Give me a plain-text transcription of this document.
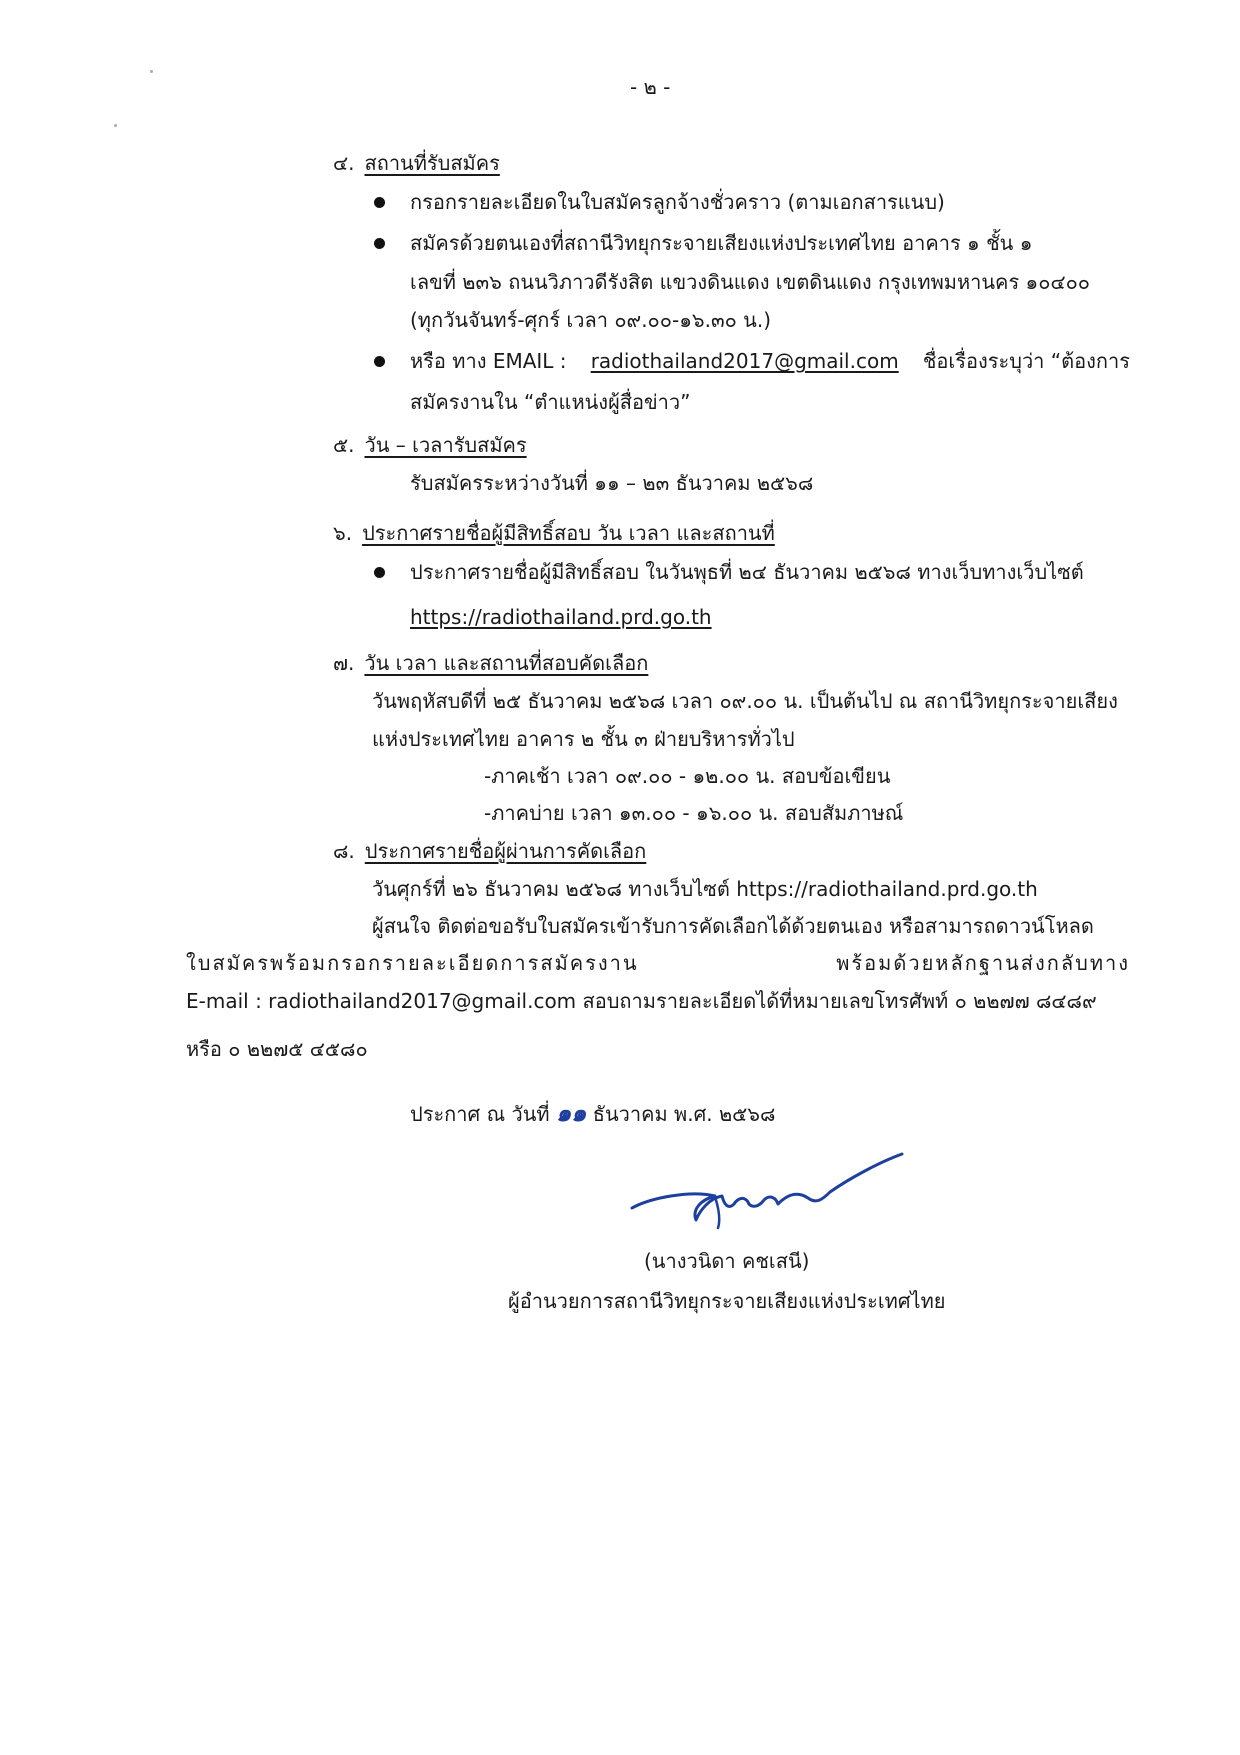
- ๒ -
๔. สถานที่รับสมัคร
กรอกรายละเอียดในใบสมัครลูกจ้างชั่วคราว (ตามเอกสารแนบ)
สมัครด้วยตนเองที่สถานีวิทยุกระจายเสียงแห่งประเทศไทย อาคาร ๑ ชั้น ๑
เลขที่ ๒๓๖ ถนนวิภาวดีรังสิต แขวงดินแดง เขตดินแดง กรุงเทพมหานคร ๑๐๔๐๐
(ทุกวันจันทร์-ศุกร์ เวลา ๐๙.๐๐-๑๖.๓๐ น.)
หรือ ทาง EMAIL : radiothailand2017@gmail.com ชื่อเรื่องระบุว่า “ต้องการ
สมัครงานใน “ตำแหน่งผู้สื่อข่าว”
๕. วัน – เวลารับสมัคร
รับสมัครระหว่างวันที่ ๑๑ – ๒๓ ธันวาคม ๒๕๖๘
๖. ประกาศรายชื่อผู้มีสิทธิ์สอบ วัน เวลา และสถานที่
ประกาศรายชื่อผู้มีสิทธิ์สอบ ในวันพุธที่ ๒๔ ธันวาคม ๒๕๖๘ ทางเว็บทางเว็บไซต์
https://radiothailand.prd.go.th
๗. วัน เวลา และสถานที่สอบคัดเลือก
วันพฤหัสบดีที่ ๒๕ ธันวาคม ๒๕๖๘ เวลา ๐๙.๐๐ น. เป็นต้นไป ณ สถานีวิทยุกระจายเสียง
แห่งประเทศไทย อาคาร ๒ ชั้น ๓ ฝ่ายบริหารทั่วไป
-ภาคเช้า เวลา ๐๙.๐๐ - ๑๒.๐๐ น. สอบข้อเขียน
-ภาคบ่าย เวลา ๑๓.๐๐ - ๑๖.๐๐ น. สอบสัมภาษณ์
๘. ประกาศรายชื่อผู้ผ่านการคัดเลือก
วันศุกร์ที่ ๒๖ ธันวาคม ๒๕๖๘ ทางเว็บไซต์ https://radiothailand.prd.go.th
ผู้สนใจ ติดต่อขอรับใบสมัครเข้ารับการคัดเลือกได้ด้วยตนเอง หรือสามารถดาวน์โหลด
ใบสมัครพร้อมกรอกรายละเอียดการสมัครงาน	พร้อมด้วยหลักฐานส่งกลับทาง
E-mail : radiothailand2017@gmail.com สอบถามรายละเอียดได้ที่หมายเลขโทรศัพท์ ๐ ๒๒๗๗ ๘๔๘๙
หรือ ๐ ๒๒๗๕ ๔๕๘๐
ประกาศ ณ วันที่ ๑๑ ธันวาคม พ.ศ. ๒๕๖๘
(นางวนิดา คชเสนี)
ผู้อำนวยการสถานีวิทยุกระจายเสียงแห่งประเทศไทย
